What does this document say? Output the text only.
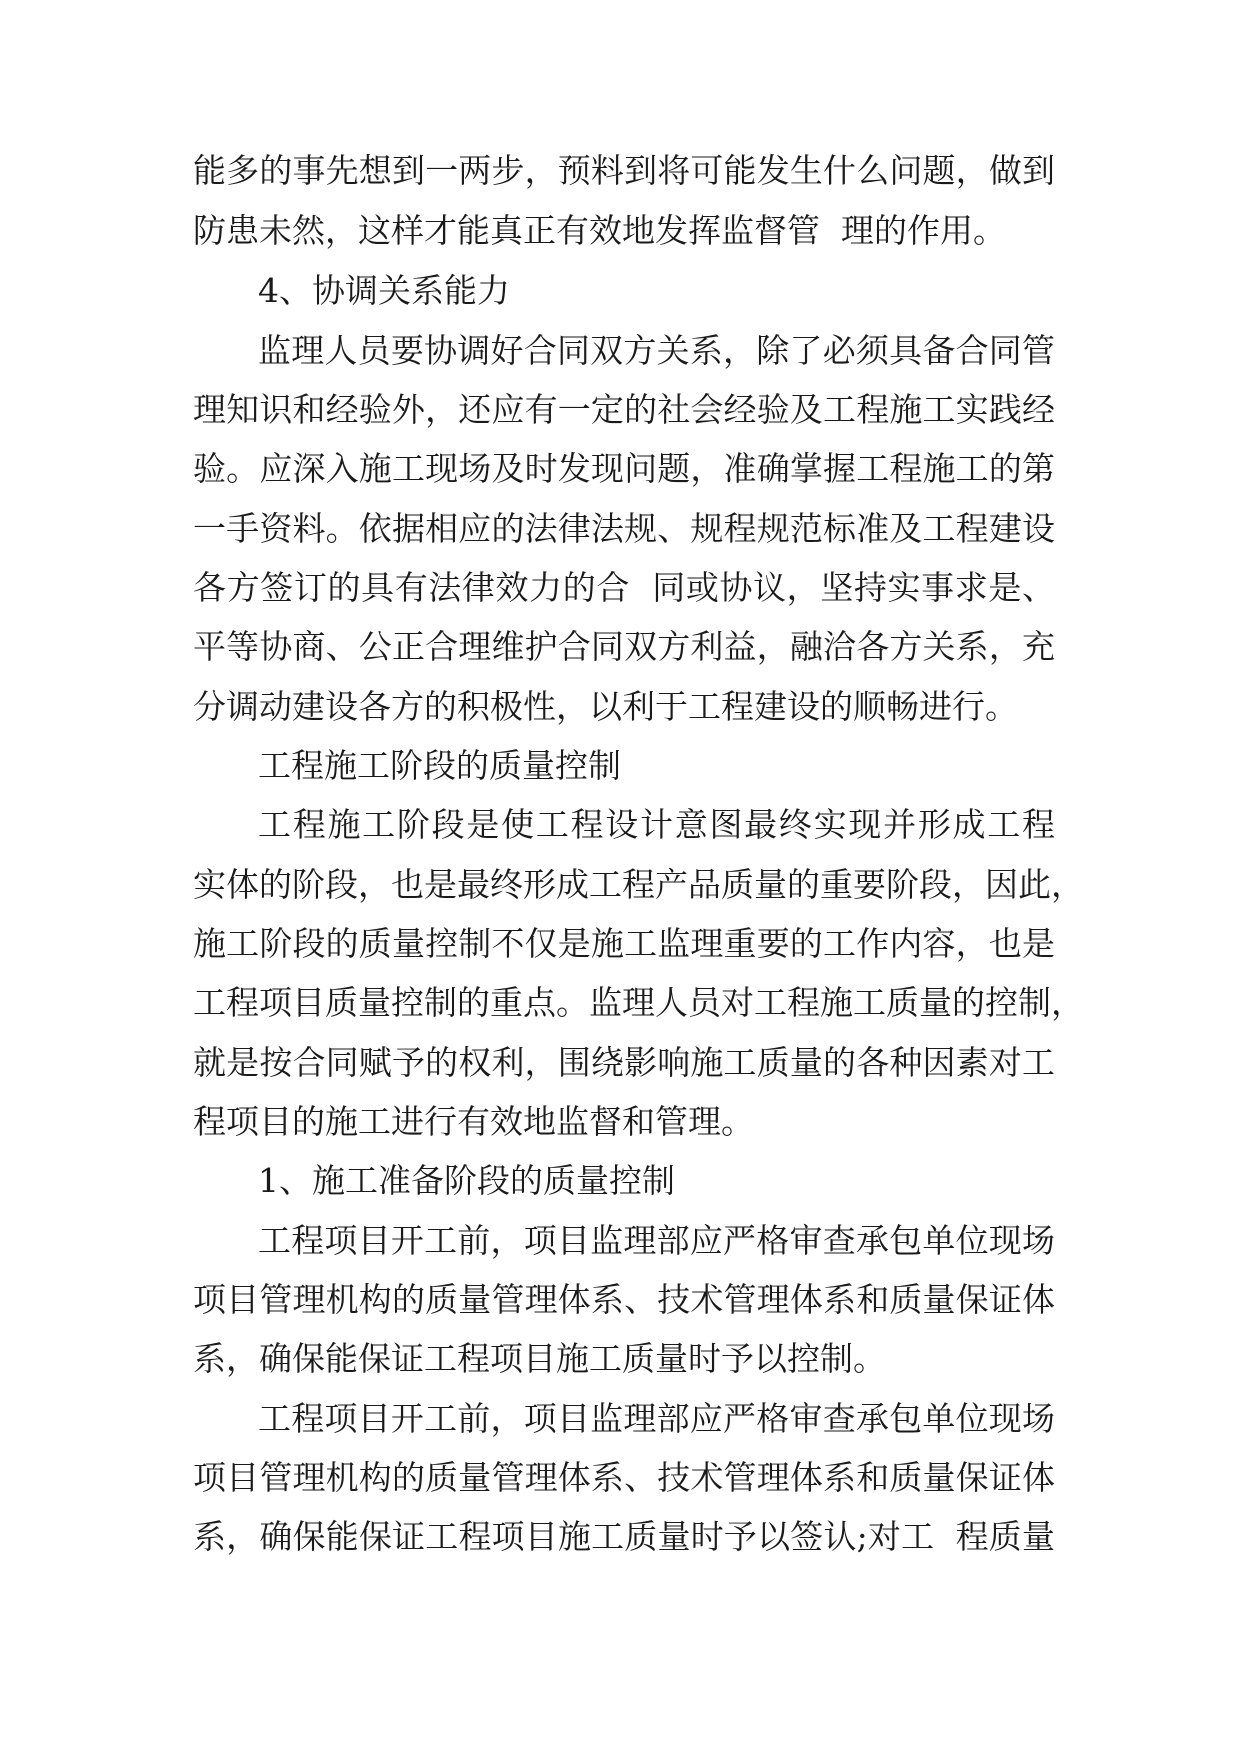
能多的事先想到一两步，预料到将可能发生什么问题，做到
防患未然，这样才能真正有效地发挥监督管  理的作用。
4、协调关系能力
监理人员要协调好合同双方关系，除了必须具备合同管
理知识和经验外，还应有一定的社会经验及工程施工实践经
验。应深入施工现场及时发现问题，准确掌握工程施工的第
一手资料。依据相应的法律法规、规程规范标准及工程建设
各方签订的具有法律效力的合  同或协议，坚持实事求是、
平等协商、公正合理维护合同双方利益，融洽各方关系，充
分调动建设各方的积极性，以利于工程建设的顺畅进行。
工程施工阶段的质量控制
工程施工阶段是使工程设计意图最终实现并形成工程
实体的阶段，也是最终形成工程产品质量的重要阶段，因此，
施工阶段的质量控制不仅是施工监理重要的工作内容，也是
工程项目质量控制的重点。监理人员对工程施工质量的控制，
就是按合同赋予的权利，围绕影响施工质量的各种因素对工
程项目的施工进行有效地监督和管理。
1、施工准备阶段的质量控制
工程项目开工前，项目监理部应严格审查承包单位现场
项目管理机构的质量管理体系、技术管理体系和质量保证体
系，确保能保证工程项目施工质量时予以控制。
工程项目开工前，项目监理部应严格审查承包单位现场
项目管理机构的质量管理体系、技术管理体系和质量保证体
系，确保能保证工程项目施工质量时予以签认;对工  程质量
